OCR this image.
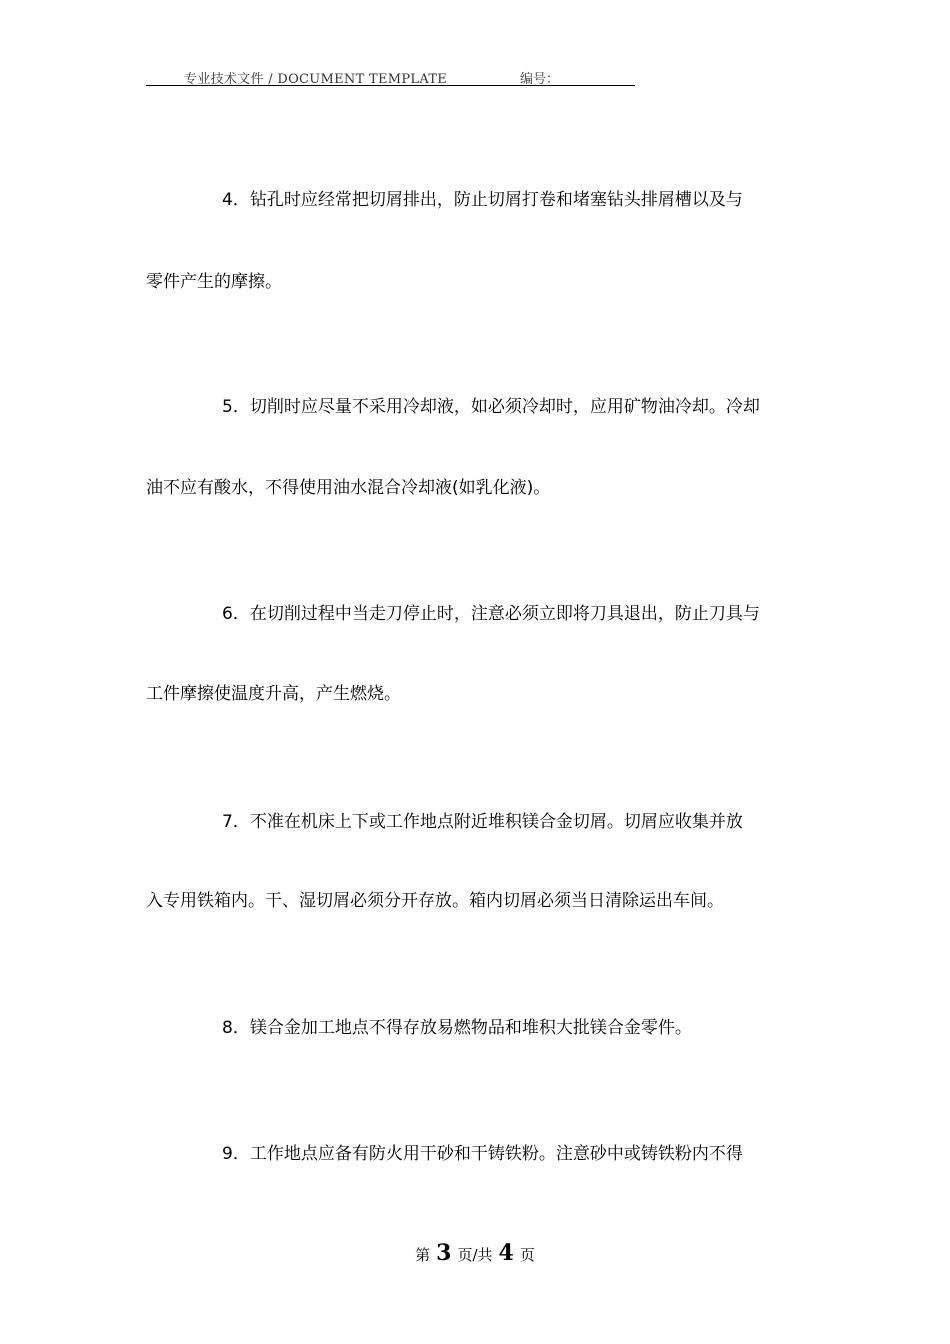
专业技术文件 / DOCUMENT TEMPLATE	编号：
4．钻孔时应经常把切屑排出，防止切屑打卷和堵塞钻头排屑槽以及与
零件产生的摩擦。
5．切削时应尽量不采用冷却液，如必须冷却时，应用矿物油冷却。冷却
油不应有酸水，不得使用油水混合冷却液(如乳化液)。
6．在切削过程中当走刀停止时，注意必须立即将刀具退出，防止刀具与
工件摩擦使温度升高，产生燃烧。
7．不准在机床上下或工作地点附近堆积镁合金切屑。切屑应收集并放
入专用铁箱内。干、湿切屑必须分开存放。箱内切屑必须当日清除运出车间。
8．镁合金加工地点不得存放易燃物品和堆积大批镁合金零件。
9．工作地点应备有防火用干砂和干铸铁粉。注意砂中或铸铁粉内不得
第 3 页/共 4 页
